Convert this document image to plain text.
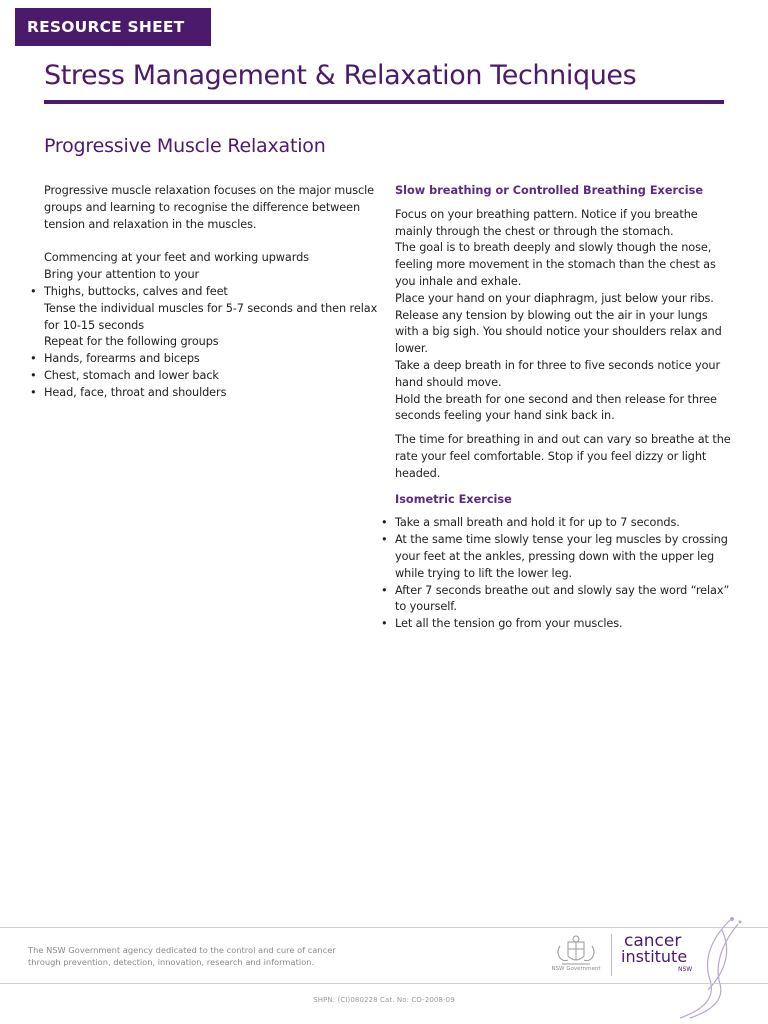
RESOURCE SHEET
Stress Management & Relaxation Techniques
Progressive Muscle Relaxation

Progressive muscle relaxation focuses on the major muscle groups and learning to recognise the difference between tension and relaxation in the muscles.

Commencing at your feet and working upwards

Bring your attention to your

• Thighs, buttocks, calves and feet

Tense the individual muscles for 5-7 seconds and then relax for 10-15 seconds

Repeat for the following groups

• Hands, forearms and biceps
• Chest, stomach and lower back
• Head, face, throat and shoulders

Slow breathing or Controlled Breathing Exercise

Focus on your breathing pattern. Notice if you breathe mainly through the chest or through the stomach.

The goal is to breath deeply and slowly though the nose, feeling more movement in the stomach than the chest as you inhale and exhale.

Place your hand on your diaphragm, just below your ribs.

Release any tension by blowing out the air in your lungs with a big sigh. You should notice your shoulders relax and lower.

Take a deep breath in for three to five seconds notice your hand should move.

Hold the breath for one second and then release for three seconds feeling your hand sink back in.

The time for breathing in and out can vary so breathe at the rate your feel comfortable. Stop if you feel dizzy or light headed.

Isometric Exercise

• Take a small breath and hold it for up to 7 seconds.
• At the same time slowly tense your leg muscles by crossing your feet at the ankles, pressing down with the upper leg while trying to lift the lower leg.
• After 7 seconds breathe out and slowly say the word “relax” to yourself.
• Let all the tension go from your muscles.
The NSW Government agency dedicated to the control and cure of cancer through prevention, detection, innovation, research and information.
NSW Government
cancer
institute
NSW
SHPN: (CI)080228 Cat. No: CO-2008-09
